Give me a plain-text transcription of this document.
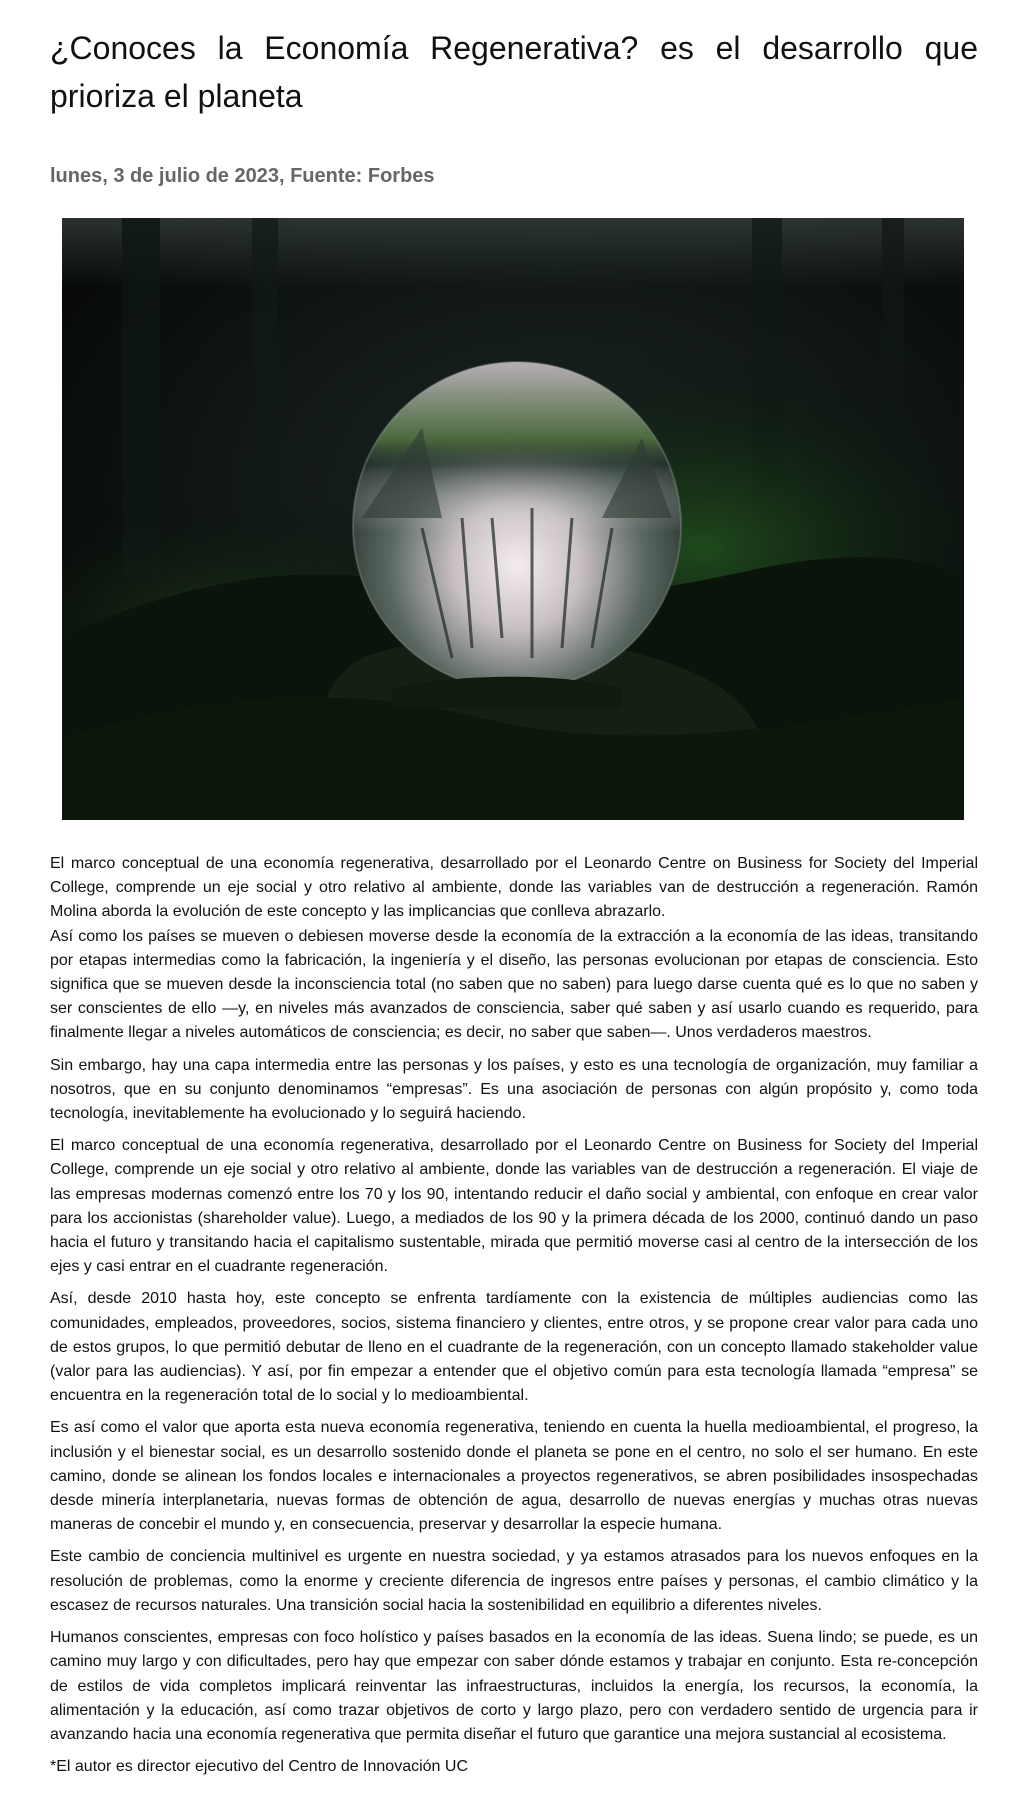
¿Conoces la Economía Regenerativa? es el desarrollo que prioriza el planeta
lunes, 3 de julio de 2023, Fuente: Forbes

El marco conceptual de una economía regenerativa, desarrollado por el Leonardo Centre on Business for Society del Imperial College, comprende un eje social y otro relativo al ambiente, donde las variables van de destrucción a regeneración. Ramón Molina aborda la evolución de este concepto y las implicancias que conlleva abrazarlo.

Así como los países se mueven o debiesen moverse desde la economía de la extracción a la economía de las ideas, transitando por etapas intermedias como la fabricación, la ingeniería y el diseño, las personas evolucionan por etapas de consciencia. Esto significa que se mueven desde la inconsciencia total (no saben que no saben) para luego darse cuenta qué es lo que no saben y ser conscientes de ello —y, en niveles más avanzados de consciencia, saber qué saben y así usarlo cuando es requerido, para finalmente llegar a niveles automáticos de consciencia; es decir, no saber que saben—. Unos verdaderos maestros.

Sin embargo, hay una capa intermedia entre las personas y los países, y esto es una tecnología de organización, muy familiar a nosotros, que en su conjunto denominamos “empresas”. Es una asociación de personas con algún propósito y, como toda tecnología, inevitablemente ha evolucionado y lo seguirá haciendo.

El marco conceptual de una economía regenerativa, desarrollado por el Leonardo Centre on Business for Society del Imperial College, comprende un eje social y otro relativo al ambiente, donde las variables van de destrucción a regeneración. El viaje de las empresas modernas comenzó entre los 70 y los 90, intentando reducir el daño social y ambiental, con enfoque en crear valor para los accionistas (shareholder value). Luego, a mediados de los 90 y la primera década de los 2000, continuó dando un paso hacia el futuro y transitando hacia el capitalismo sustentable, mirada que permitió moverse casi al centro de la intersección de los ejes y casi entrar en el cuadrante regeneración.

Así, desde 2010 hasta hoy, este concepto se enfrenta tardíamente con la existencia de múltiples audiencias como las comunidades, empleados, proveedores, socios, sistema financiero y clientes, entre otros, y se propone crear valor para cada uno de estos grupos, lo que permitió debutar de lleno en el cuadrante de la regeneración, con un concepto llamado stakeholder value (valor para las audiencias). Y así, por fin empezar a entender que el objetivo común para esta tecnología llamada “empresa” se encuentra en la regeneración total de lo social y lo medioambiental.

Es así como el valor que aporta esta nueva economía regenerativa, teniendo en cuenta la huella medioambiental, el progreso, la inclusión y el bienestar social, es un desarrollo sostenido donde el planeta se pone en el centro, no solo el ser humano. En este camino, donde se alinean los fondos locales e internacionales a proyectos regenerativos, se abren posibilidades insospechadas desde minería interplanetaria, nuevas formas de obtención de agua, desarrollo de nuevas energías y muchas otras nuevas maneras de concebir el mundo y, en consecuencia, preservar y desarrollar la especie humana.

Este cambio de conciencia multinivel es urgente en nuestra sociedad, y ya estamos atrasados para los nuevos enfoques en la resolución de problemas, como la enorme y creciente diferencia de ingresos entre países y personas, el cambio climático y la escasez de recursos naturales. Una transición social hacia la sostenibilidad en equilibrio a diferentes niveles.

Humanos conscientes, empresas con foco holístico y países basados en la economía de las ideas. Suena lindo; se puede, es un camino muy largo y con dificultades, pero hay que empezar con saber dónde estamos y trabajar en conjunto. Esta re-concepción de estilos de vida completos implicará reinventar las infraestructuras, incluidos la energía, los recursos, la economía, la alimentación y la educación, así como trazar objetivos de corto y largo plazo, pero con verdadero sentido de urgencia para ir avanzando hacia una economía regenerativa que permita diseñar el futuro que garantice una mejora sustancial al ecosistema.

*El autor es director ejecutivo del Centro de Innovación UC
